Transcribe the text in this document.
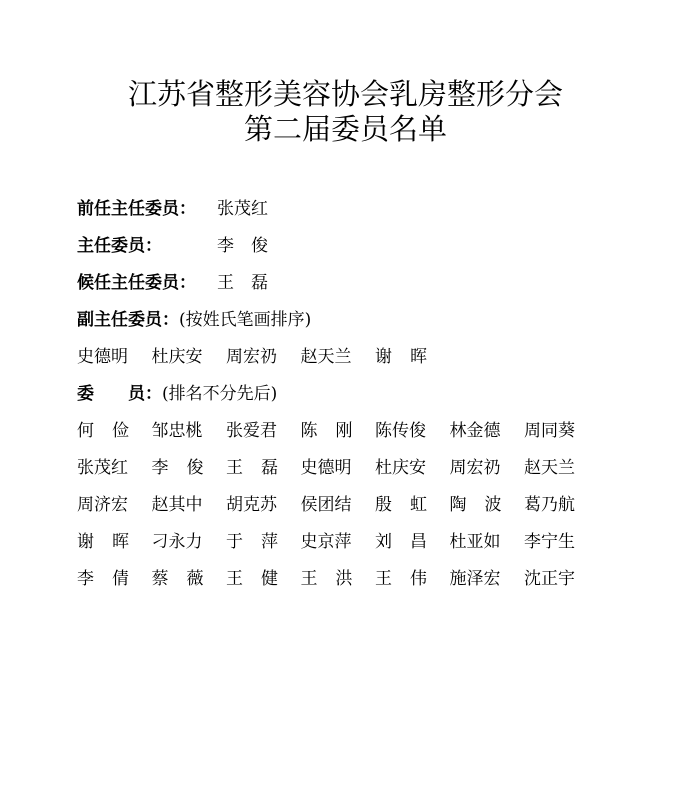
江苏省整形美容协会乳房整形分会
第二届委员名单
前任主任委员： 张茂红
主任委员：	李　俊
候任主任委员： 王　磊
副主任委员：(按姓氏笔画排序)
史 德 明 杜 庆 安 周 宏 礽 赵 天 兰 谢 晖
委　　员：(排名不分先后)
何 俭 邹 忠 桃 张 爱 君 陈 刚 陈 传 俊 林 金 德 周 同 葵
张 茂 红 李 俊 王 磊 史 德 明 杜 庆 安 周 宏 礽 赵 天 兰
周 济 宏 赵 其 中 胡 克 苏 侯 团 结 殷 虹 陶 波 葛 乃 航
谢 晖 刁 永 力 于 萍 史 京 萍 刘 昌 杜 亚 如 李 宁 生
李 倩 蔡 薇 王 健 王 洪 王 伟 施 泽 宏 沈 正 宇
